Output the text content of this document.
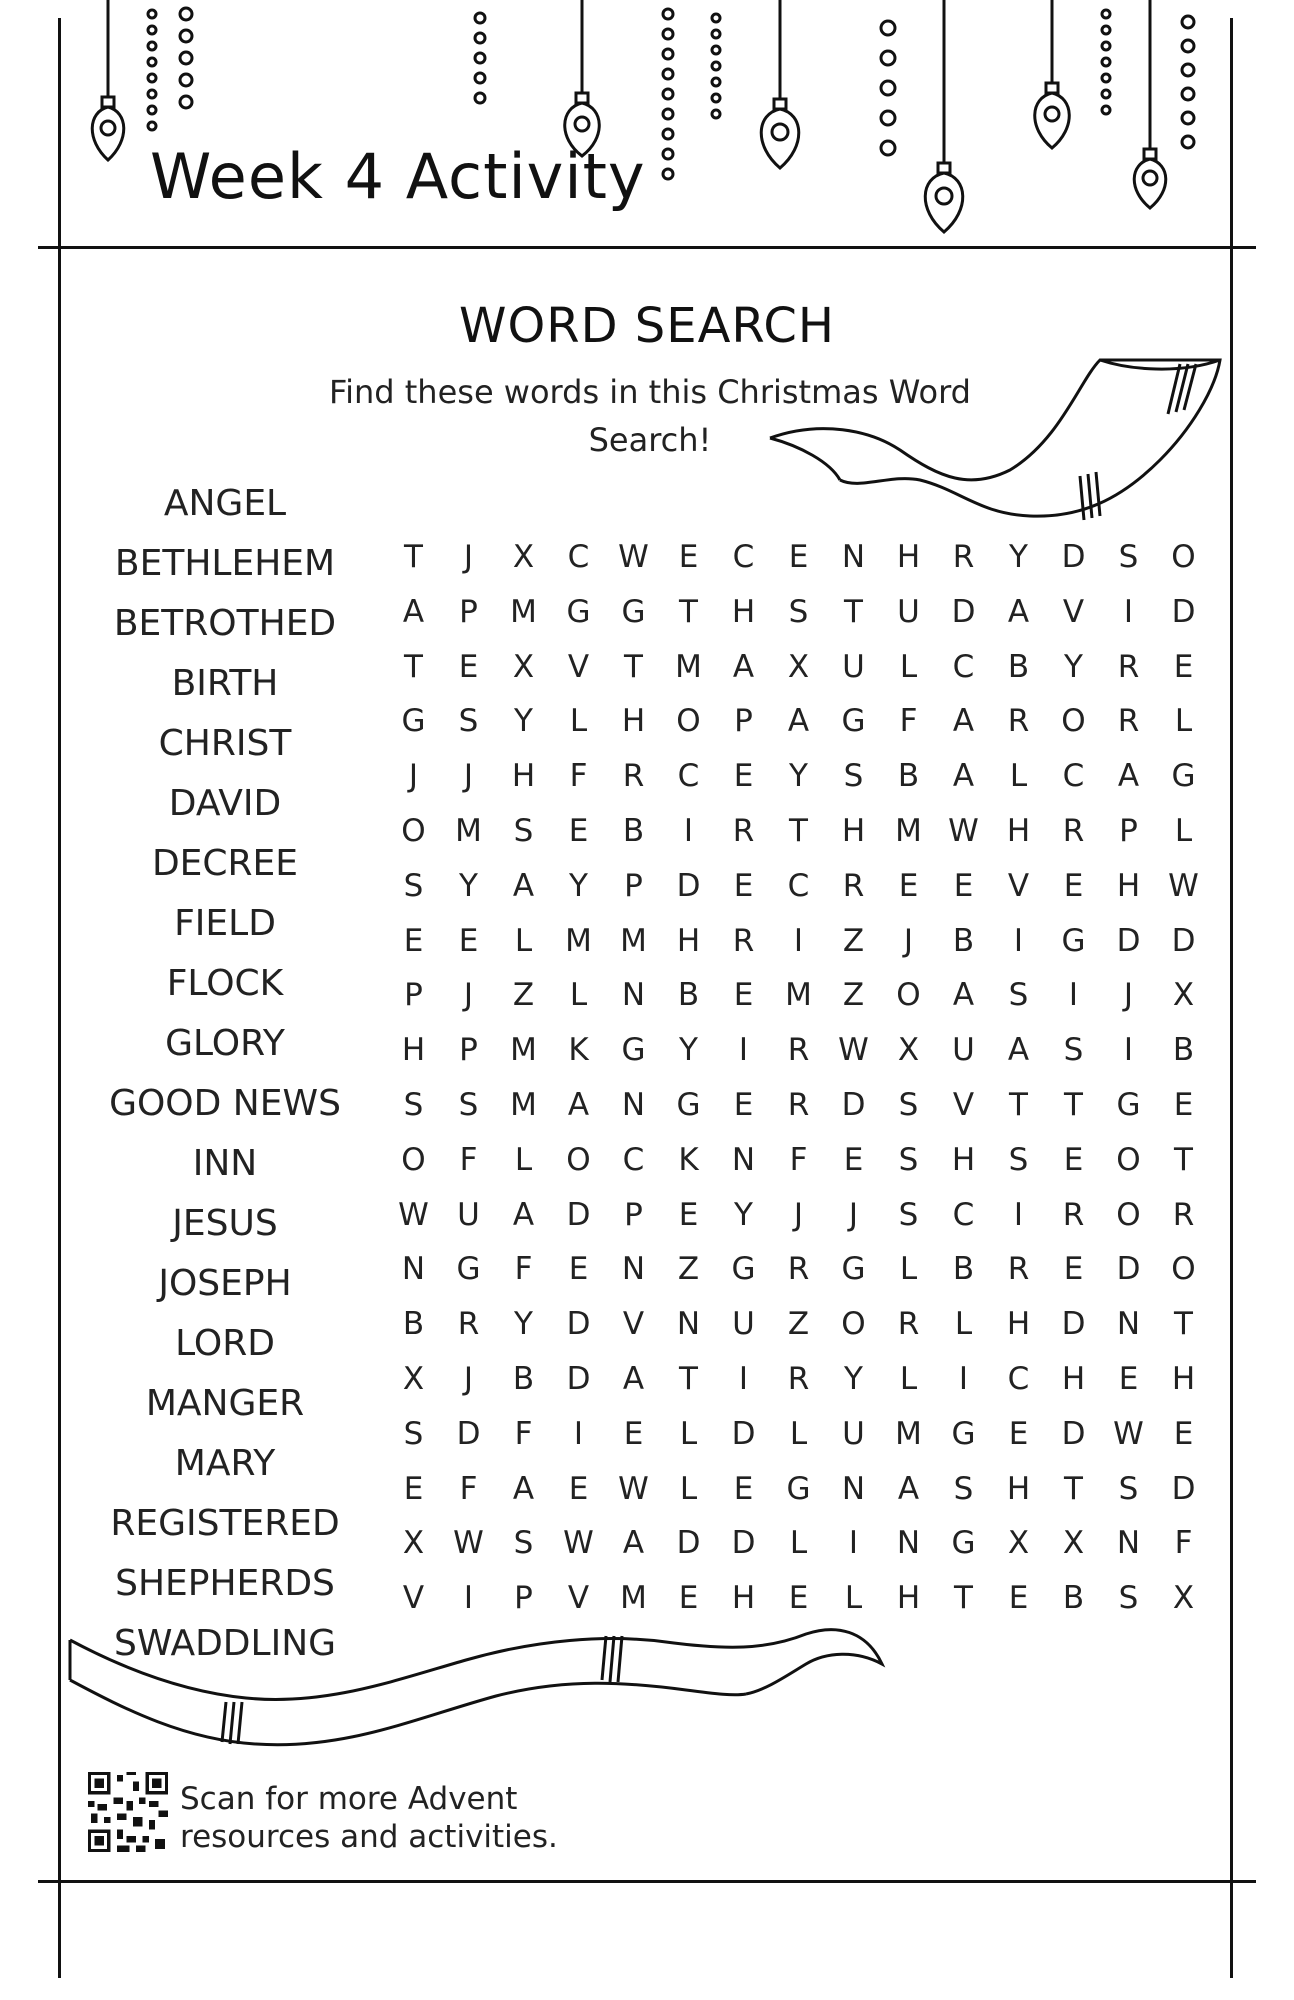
Week 4 Activity
WORD SEARCH
Find these words in this Christmas Word Search!
ANGEL
BETHLEHEM
BETROTHED
BIRTH
CHRIST
DAVID
DECREE
FIELD
FLOCK
GLORY
GOOD NEWS
INN
JESUS
JOSEPH
LORD
MANGER
MARY
REGISTERED
SHEPHERDS
SWADDLING
T	J	X	C W E	C	E	N	H	R	Y	D	S	O
A	P	M G G	T	H	S	T	U	D	A	V	I	D
T	E	X	V	T	M	A	X	U	L	C	B	Y	R	E
G	S	Y	L	H	O	P	A	G	F	A	R	O	R	L
J	J	H	F	R	C	E	Y	S	B	A	L	C	A	G
O M	S	E	B	I	R	T	H M W H	R	P	L
S	Y	A	Y	P	D	E	C	R	E	E	V	E	H W
E	E	L	M M H	R	I	Z	J	B	I	G	D	D
P	J	Z	L	N	B	E	M	Z	O	A	S	I	J	X
H	P	M	K	G	Y	I	R W X	U	A	S	I	B
S	S	M	A	N	G	E	R	D	S	V	T	T	G	E
O	F	L	O	C	K	N	F	E	S	H	S	E	O	T
W U	A	D	P	E	Y	J	J	S	C	I	R	O	R
N	G	F	E	N	Z	G	R	G	L	B	R	E	D O
B	R	Y	D	V	N	U	Z	O	R	L	H	D	N	T
X	J	B	D	A	T	I	R	Y	L	I	C	H	E	H
S	D	F	I	E	L	D	L	U M G	E	D W E
E	F	A	E W	L	E	G	N	A	S	H	T	S	D
X W S W A	D	D	L	I	N	G	X	X	N	F
V	I	P	V	M	E	H	E	L	H	T	E	B	S	X
Scan for more Advent
resources and activities.
